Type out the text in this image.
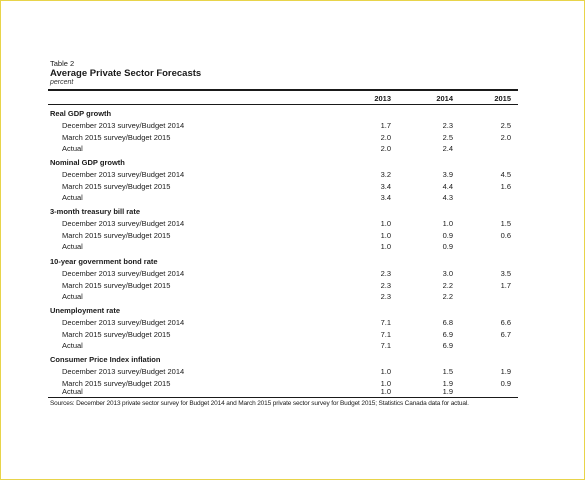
Table 2
Average Private Sector Forecasts
percent
2013	2014	2015
Real GDP growth
December 2013 survey/Budget 2014	1.7	2.3	2.5
March 2015 survey/Budget 2015	2.0	2.5	2.0
Actual	2.0	2.4
Nominal GDP growth
December 2013 survey/Budget 2014	3.2	3.9	4.5
March 2015 survey/Budget 2015	3.4	4.4	1.6
Actual	3.4	4.3
3-month treasury bill rate
December 2013 survey/Budget 2014	1.0	1.0	1.5
March 2015 survey/Budget 2015	1.0	0.9	0.6
Actual	1.0	0.9
10-year government bond rate
December 2013 survey/Budget 2014	2.3	3.0	3.5
March 2015 survey/Budget 2015	2.3	2.2	1.7
Actual	2.3	2.2
Unemployment rate
December 2013 survey/Budget 2014	7.1	6.8	6.6
March 2015 survey/Budget 2015	7.1	6.9	6.7
Actual	7.1	6.9
Consumer Price Index inflation
December 2013 survey/Budget 2014	1.0	1.5	1.9
March 2015 survey/Budget 2015	1.0	1.9	0.9
Actual	1.0	1.9
Sources: December 2013 private sector survey for Budget 2014 and March 2015 private sector survey for Budget 2015; Statistics Canada data for actual.
